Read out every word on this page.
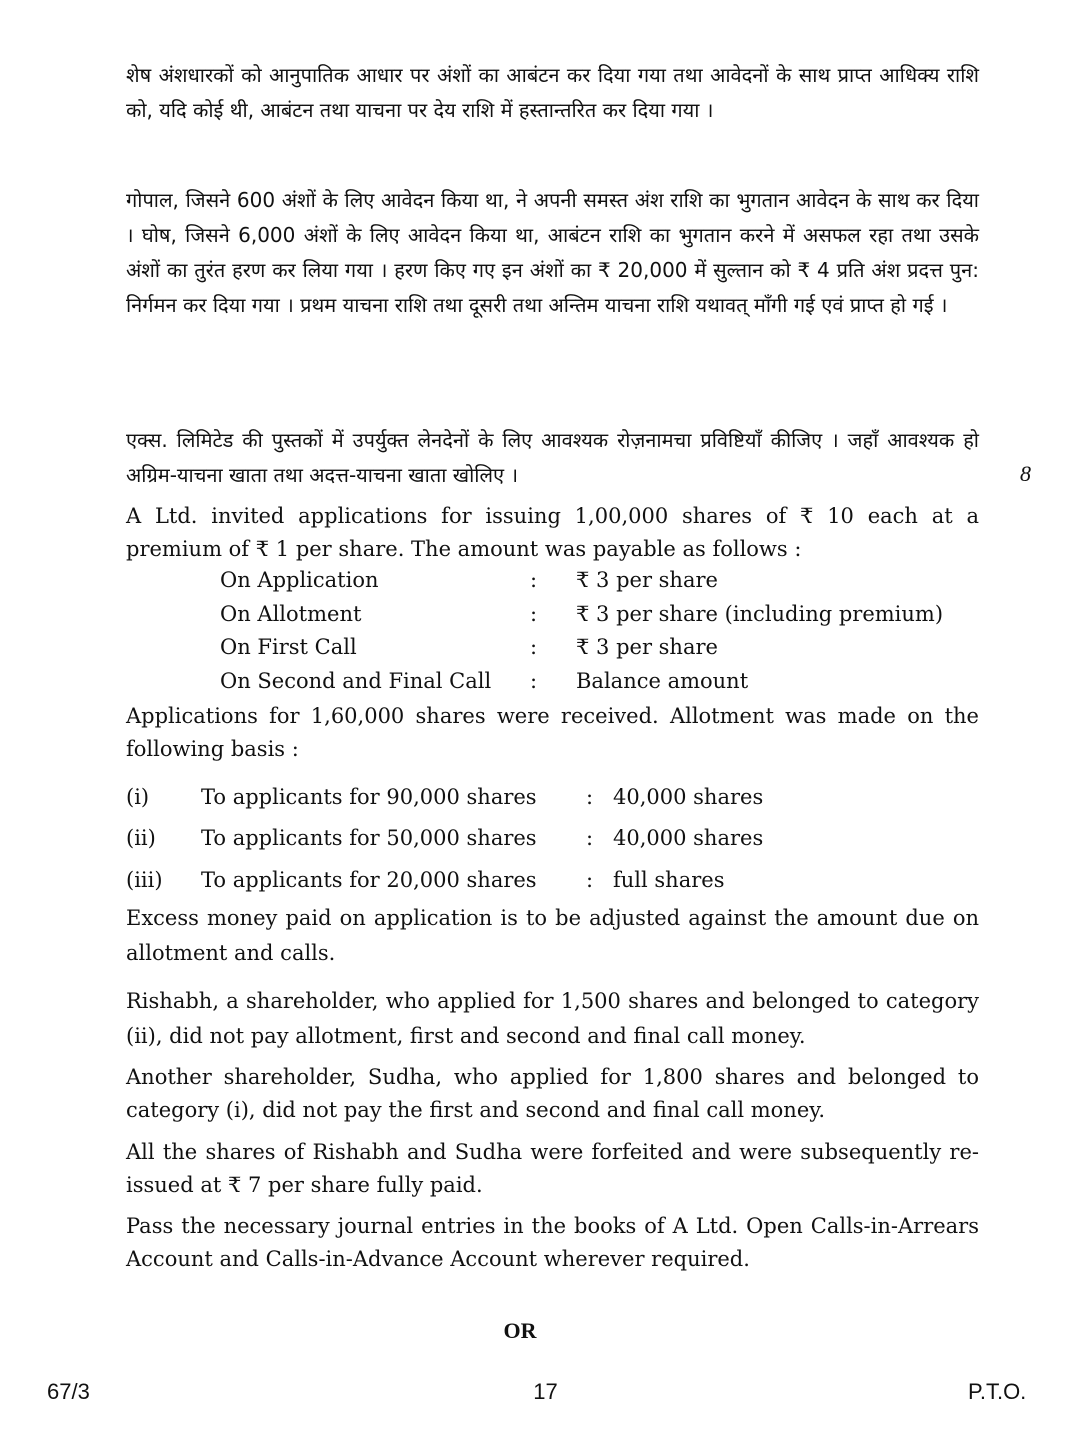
शेष अंशधारकों को आनुपातिक आधार पर अंशों का आबंटन कर दिया गया तथा आवेदनों के साथ प्राप्त आधिक्य राशि को, यदि कोई थी, आबंटन तथा याचना पर देय राशि में हस्तान्तरित कर दिया गया ।

गोपाल, जिसने 600 अंशों के लिए आवेदन किया था, ने अपनी समस्त अंश राशि का भुगतान आवेदन के साथ कर दिया । घोष, जिसने 6,000 अंशों के लिए आवेदन किया था, आबंटन राशि का भुगतान करने में असफल रहा तथा उसके अंशों का तुरंत हरण कर लिया गया । हरण किए गए इन अंशों का ₹ 20,000 में सुल्तान को ₹ 4 प्रति अंश प्रदत्त पुन: निर्गमन कर दिया गया । प्रथम याचना राशि तथा दूसरी तथा अन्तिम याचना राशि यथावत् माँगी गई एवं प्राप्त हो गई ।

एक्स. लिमिटेड की पुस्तकों में उपर्युक्त लेनदेनों के लिए आवश्यक रोज़नामचा प्रविष्टियाँ कीजिए । जहाँ आवश्यक हो अग्रिम-याचना खाता तथा अदत्त-याचना खाता खोलिए ।	8

A Ltd. invited applications for issuing 1,00,000 shares of ₹ 10 each at a premium of ₹ 1 per share. The amount was payable as follows :

On Application	:	₹ 3 per share
On Allotment	:	₹ 3 per share (including premium)
On First Call	:	₹ 3 per share
On Second and Final Call	:	Balance amount

Applications for 1,60,000 shares were received. Allotment was made on the following basis :

(i)	To applicants for 90,000 shares	: 40,000 shares
(ii)	To applicants for 50,000 shares	: 40,000 shares
(iii)	To applicants for 20,000 shares	: full shares

Excess money paid on application is to be adjusted against the amount due on allotment and calls.

Rishabh, a shareholder, who applied for 1,500 shares and belonged to category (ii), did not pay allotment, first and second and final call money.

Another shareholder, Sudha, who applied for 1,800 shares and belonged to category (i), did not pay the first and second and final call money.

All the shares of Rishabh and Sudha were forfeited and were subsequently re-issued at ₹ 7 per share fully paid.

Pass the necessary journal entries in the books of A Ltd. Open Calls-in-Arrears Account and Calls-in-Advance Account wherever required.

OR
67/3	17	P.T.O.
